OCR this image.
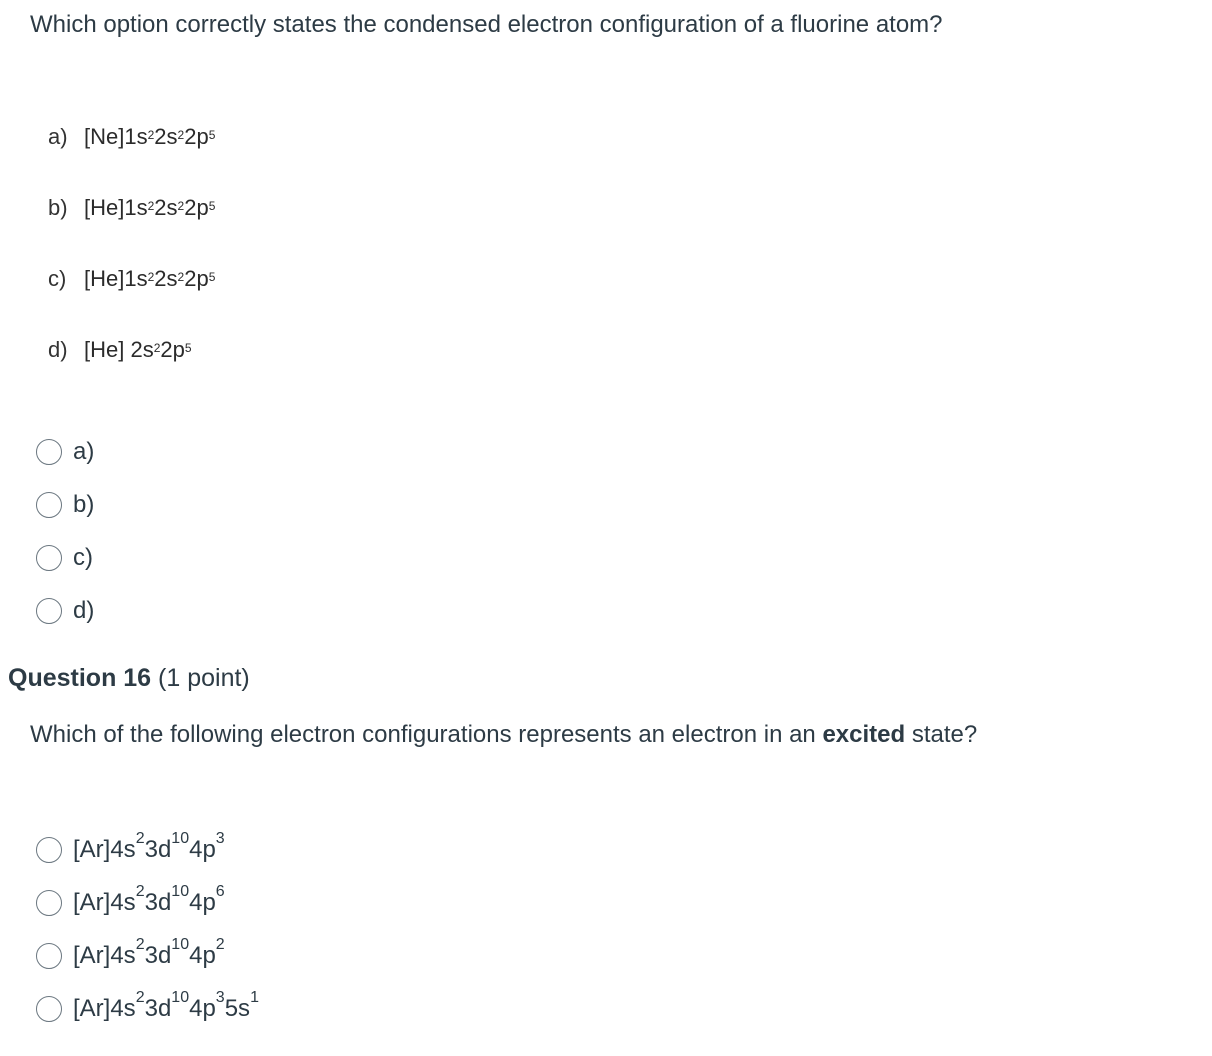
Which option correctly states the condensed electron configuration of a fluorine atom?
a) $[Ne]1s^22s^22p^5$
b) $[He]1s^22s^22p^5$
c) $[He]1s^22s^22p^5$
d) [He] $2s^22p^5$
a)
b)
c)
d)
Question 16 (1 point)
Which of the following electron configurations represents an electron in an excited state?
$[Ar]4s^23d^{10}4p^3$
$[Ar]4s^23d^{10}4p^6$
$[Ar]4s^23d^{10}4p^2$
$[Ar]4s^23d^{10}4p^35s^1$
